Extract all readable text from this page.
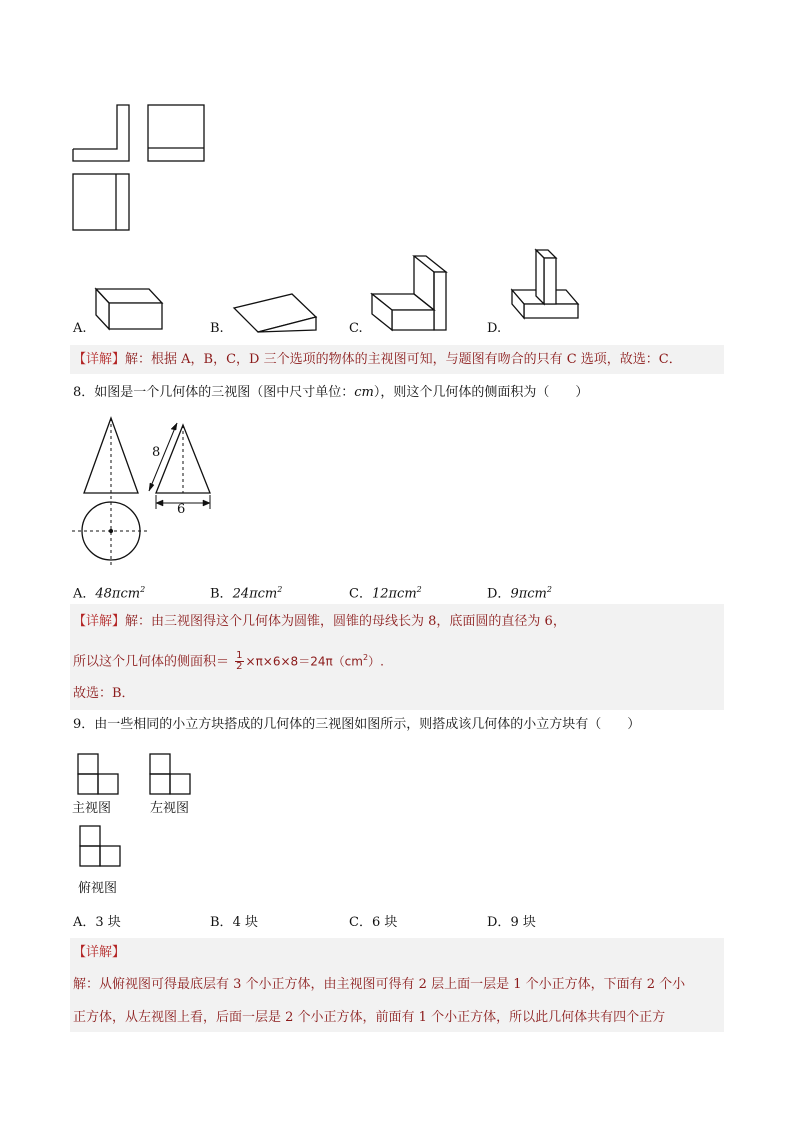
A.	B.	C.	D.
【详解】解：根据 A，B，C，D 三个选项的物体的主视图可知，与题图有吻合的只有 C 选项，故选：C．
8．如图是一个几何体的三视图（图中尺寸单位：cm），则这个几何体的侧面积为（　　）
8
6
A．48πcm$^2$	B．24πcm$^2$	C．12πcm$^2$	D．9πcm$^2$
【详解】解：由三视图得这个几何体为圆锥，圆锥的母线长为 8，底面圆的直径为 6，
所以这个几何体的侧面积＝ $\frac{1}{2} \times\pi\times 6\times 8=24\pi(cm^2)$.
故选：B．
9．由一些相同的小立方块搭成的几何体的三视图如图所示，则搭成该几何体的小立方块有（　　）
主视图	左视图
俯视图
A．3 块	B．4 块	C．6 块	D．9 块
【详解】
解：从俯视图可得最底层有 3 个小正方体，由主视图可得有 2 层上面一层是 1 个小正方体，下面有 2 个小
正方体，从左视图上看，后面一层是 2 个小正方体，前面有 1 个小正方体，所以此几何体共有四个正方
